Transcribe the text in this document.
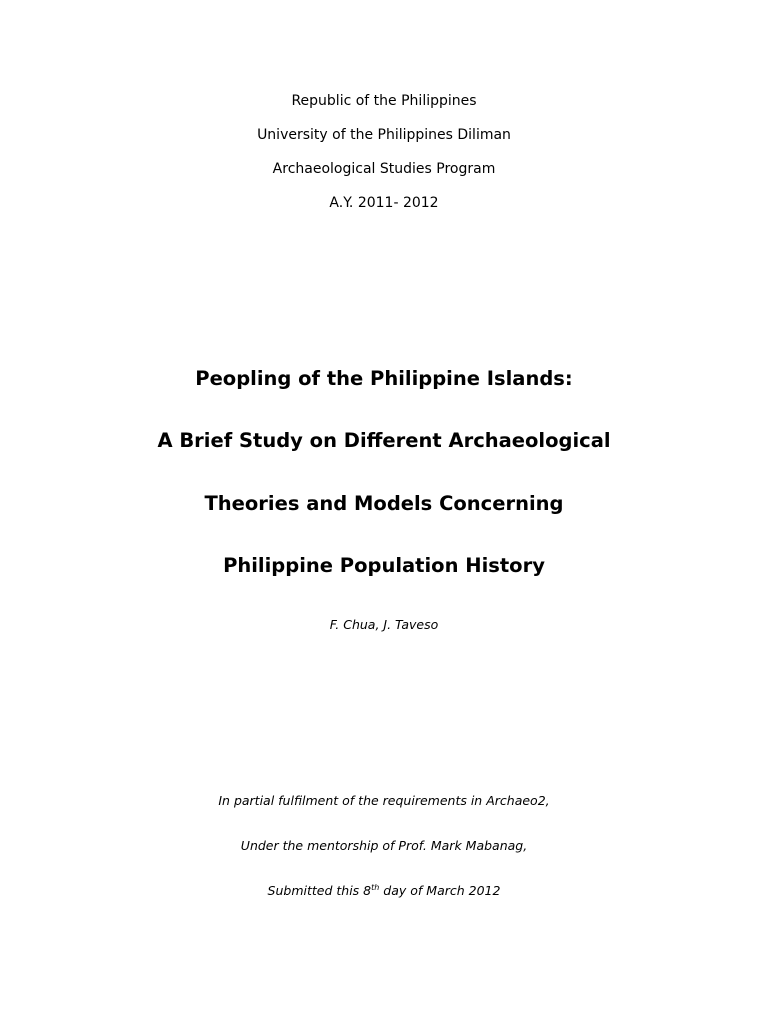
Republic of the Philippines
University of the Philippines Diliman
Archaeological Studies Program
A.Y. 2011- 2012
Peopling of the Philippine Islands:
A Brief Study on Different Archaeological
Theories and Models Concerning
Philippine Population History
F. Chua, J. Taveso
In partial fulfilment of the requirements in Archaeo2,
Under the mentorship of Prof. Mark Mabanag,
Submitted this 8th day of March 2012
